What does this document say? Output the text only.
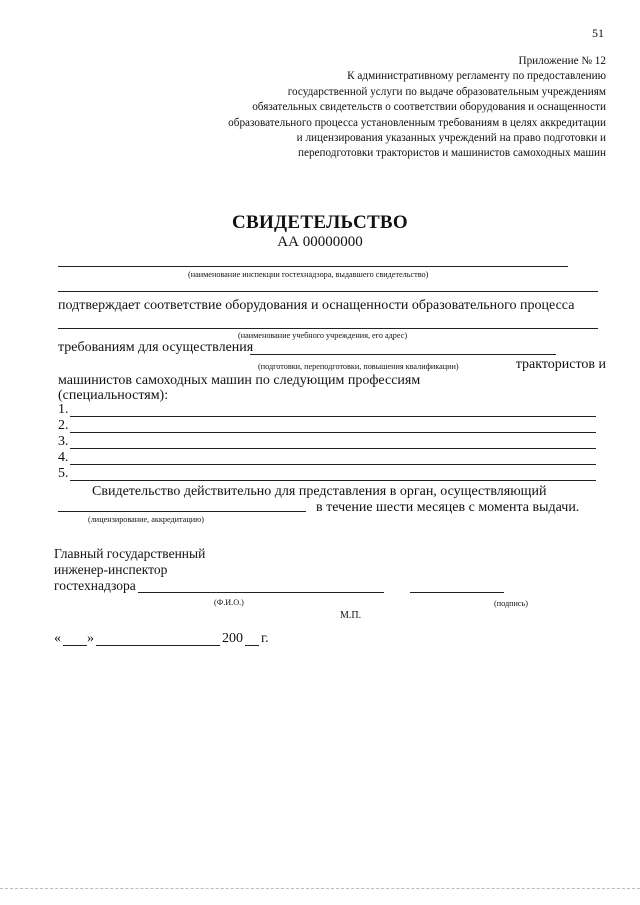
51
Приложение № 12
К административному регламенту по предоставлению
государственной услуги по выдаче образовательным учреждениям
обязательных свидетельств о соответствии оборудования и оснащенности
образовательного процесса установленным требованиям в целях аккредитации
и лицензирования указанных учреждений на право подготовки и
переподготовки трактористов и машинистов самоходных машин
СВИДЕТЕЛЬСТВО
АА 00000000
(наименование инспекции гостехнадзора, выдавшего свидетельство)
подтверждает соответствие оборудования и оснащенности образовательного процесса
(наименование учебного учреждения, его адрес)
требованиям для осуществления
(подготовки, переподготовки, повышения квалификации)	трактористов и
машинистов самоходных машин по следующим профессиям
(специальностям):
1.
2.
3.
4.
5.
Свидетельство действительно для представления в орган, осуществляющий
в течение шести месяцев с момента выдачи.
(лицензирование, аккредитацию)
Главный государственный
инженер-инспектор
гостехнадзора
(Ф.И.О.)	(подпись)
М.П.
« »	200 г.
